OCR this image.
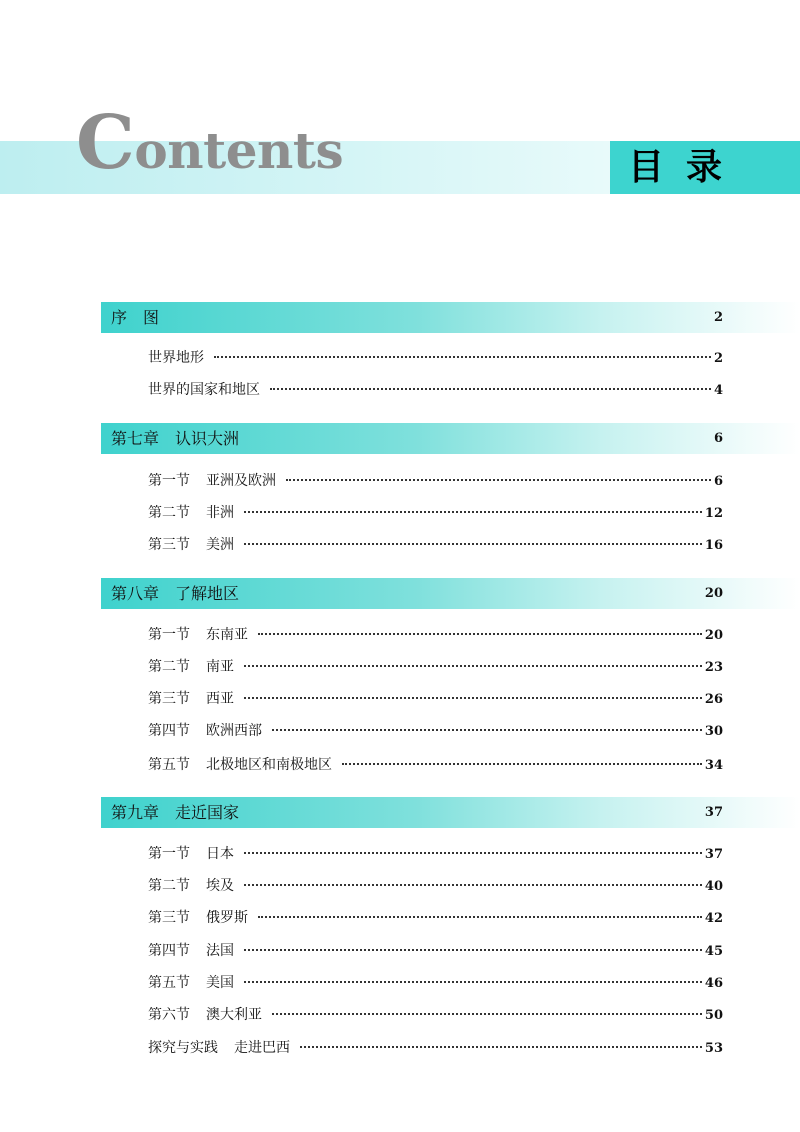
Contents	目录
序　图	2
世界地形	2
世界的国家和地区	4
第七章　认识大洲	6
第一节 亚洲及欧洲	6
第二节 非洲	12
第三节 美洲	16
第八章　了解地区	20
第一节 东南亚	20
第二节 南亚	23
第三节 西亚	26
第四节 欧洲西部	30
第五节 北极地区和南极地区	34
第九章　走近国家	37
第一节 日本	37
第二节 埃及	40
第三节 俄罗斯	42
第四节 法国	45
第五节 美国	46
第六节 澳大利亚	50
探究与实践 走进巴西	53
